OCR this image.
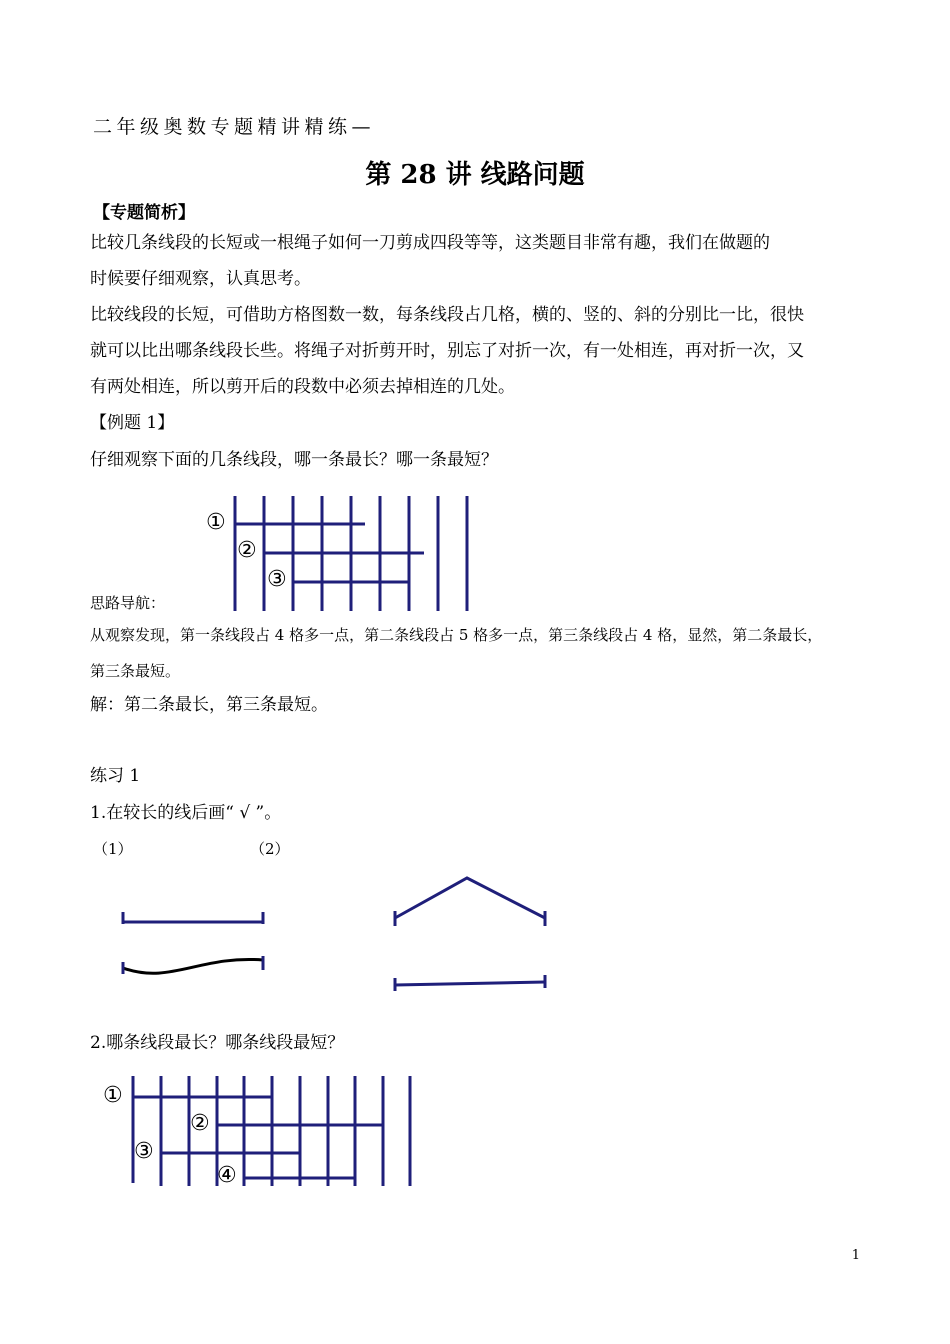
二年级奥数专题精讲精练—
第 28 讲 线路问题
【专题简析】
比较几条线段的长短或一根绳子如何一刀剪成四段等等，这类题目非常有趣，我们在做题的
时候要仔细观察，认真思考。
比较线段的长短，可借助方格图数一数，每条线段占几格，横的、竖的、斜的分别比一比，很快
就可以比出哪条线段长些。将绳子对折剪开时，别忘了对折一次，有一处相连，再对折一次，又
有两处相连，所以剪开后的段数中必须去掉相连的几处。
【例题 1】
仔细观察下面的几条线段，哪一条最长？哪一条最短？
①
②
③
思路导航：
从观察发现，第一条线段占 4 格多一点，第二条线段占 5 格多一点，第三条线段占 4 格，显然，第二条最长，
第三条最短。
解：第二条最长，第三条最短。
练习 1
1.在较长的线后画“ √ ”。
（1）	（2）
2.哪条线段最长？哪条线段最短？
①
②
③
④
1
